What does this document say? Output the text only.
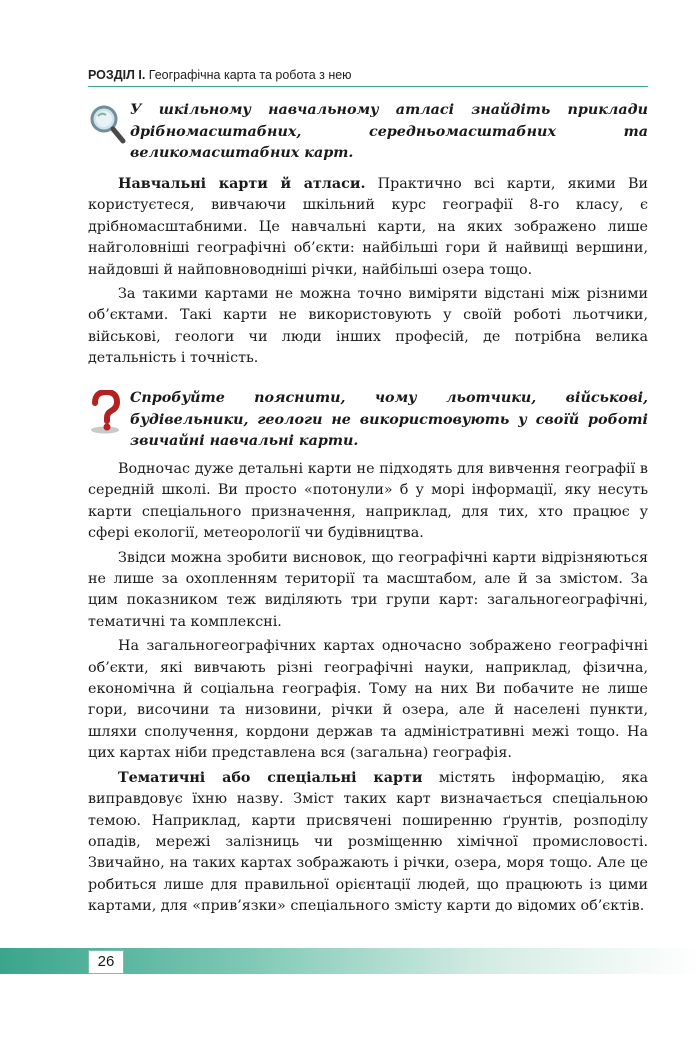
РОЗДІЛ І. Географічна карта та робота з нею
У шкільному навчальному атласі знайдіть приклади дрібномасштабних, середньомасштабних та великомасштабних карт.

Навчальні карти й атласи. Практично всі карти, якими Ви користуєтеся, вивчаючи шкільний курс географії 8-го класу, є дрібномасштабними. Це навчальні карти, на яких зображено лише найголовніші географічні об’єкти: найбільші гори й найвищі вершини, найдовші й найповноводніші річки, найбільші озера тощо.

За такими картами не можна точно виміряти відстані між різними об’єктами. Такі карти не використовують у своїй роботі льотчики, військові, геологи чи люди інших професій, де потрібна велика детальність і точність.

Спробуйте пояснити, чому льотчики, військові, будівельники, геологи не використовують у своїй роботі звичайні навчальні карти.

Водночас дуже детальні карти не підходять для вивчення географії в середній школі. Ви просто «потонули» б у морі інформації, яку несуть карти спеціального призначення, наприклад, для тих, хто працює у сфері екології, метеорології чи будівництва.

Звідси можна зробити висновок, що географічні карти відрізняються не лише за охопленням території та масштабом, але й за змістом. За цим показником теж виділяють три групи карт: загальногеографічні, тематичні та комплексні.

На загальногеографічних картах одночасно зображено географічні об’єкти, які вивчають різні географічні науки, наприклад, фізична, економічна й соціальна географія. Тому на них Ви побачите не лише гори, височини та низовини, річки й озера, але й населені пункти, шляхи сполучення, кордони держав та адміністративні межі тощо. На цих картах ніби представлена вся (загальна) географія.

Тематичні або спеціальні карти містять інформацію, яка виправдовує їхню назву. Зміст таких карт визначається спеціальною темою. Наприклад, карти присвячені поширенню ґрунтів, розподілу опадів, мережі залізниць чи розміщенню хімічної промисловості. Звичайно, на таких картах зображають і річки, озера, моря тощо. Але це робиться лише для правильної орієнтації людей, що працюють із цими картами, для «прив’язки» спеціального змісту карти до відомих об’єктів.

26
